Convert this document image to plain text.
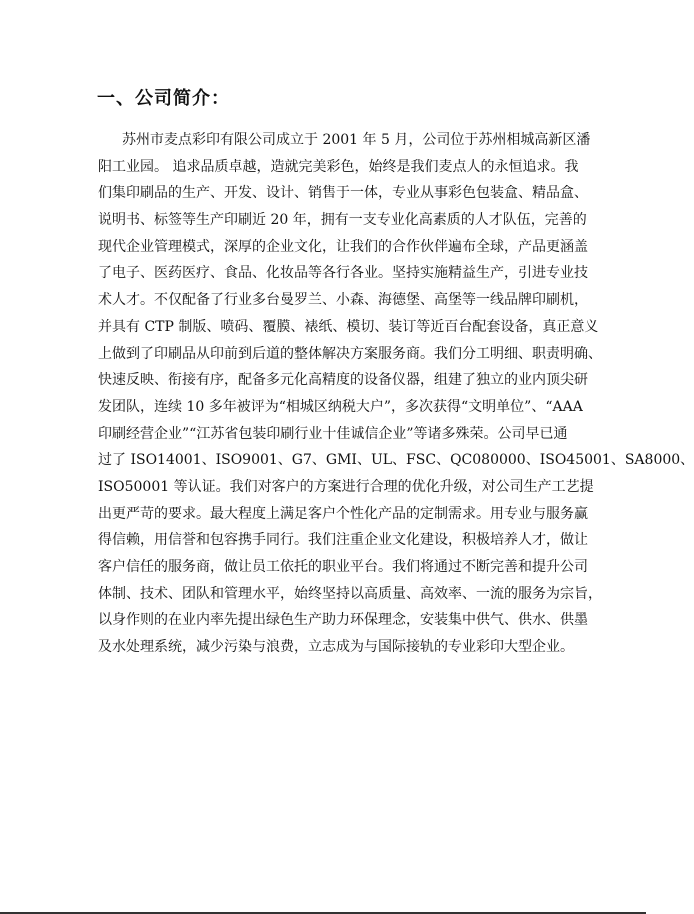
一、公司简介：
苏州市麦点彩印有限公司成立于 2001 年 5 月，公司位于苏州相城高新区潘
阳工业园。 追求品质卓越，造就完美彩色，始终是我们麦点人的永恒追求。我
们集印刷品的生产、开发、设计、销售于一体，专业从事彩色包装盒、精品盒、
说明书、标签等生产印刷近 20 年，拥有一支专业化高素质的人才队伍，完善的
现代企业管理模式，深厚的企业文化，让我们的合作伙伴遍布全球，产品更涵盖
了电子、医药医疗、食品、化妆品等各行各业。坚持实施精益生产，引进专业技
术人才。不仅配备了行业多台曼罗兰、小森、海德堡、高堡等一线品牌印刷机，
并具有 CTP 制版、喷码、覆膜、裱纸、模切、装订等近百台配套设备，真正意义
上做到了印刷品从印前到后道的整体解决方案服务商。我们分工明细、职责明确、
快速反映、衔接有序，配备多元化高精度的设备仪器，组建了独立的业内顶尖研
发团队，连续 10 多年被评为“相城区纳税大户”，多次获得“文明单位”、“AAA
印刷经营企业”“江苏省包装印刷行业十佳诚信企业”等诸多殊荣。公司早已通
过了 ISO14001、ISO9001、G7、GMI、UL、FSC、QC080000、ISO45001、SA8000、
ISO50001 等认证。我们对客户的方案进行合理的优化升级，对公司生产工艺提
出更严苛的要求。最大程度上满足客户个性化产品的定制需求。用专业与服务赢
得信赖，用信誉和包容携手同行。我们注重企业文化建设，积极培养人才，做让
客户信任的服务商，做让员工依托的职业平台。我们将通过不断完善和提升公司
体制、技术、团队和管理水平，始终坚持以高质量、高效率、一流的服务为宗旨，
以身作则的在业内率先提出绿色生产助力环保理念，安装集中供气、供水、供墨
及水处理系统，减少污染与浪费，立志成为与国际接轨的专业彩印大型企业。
